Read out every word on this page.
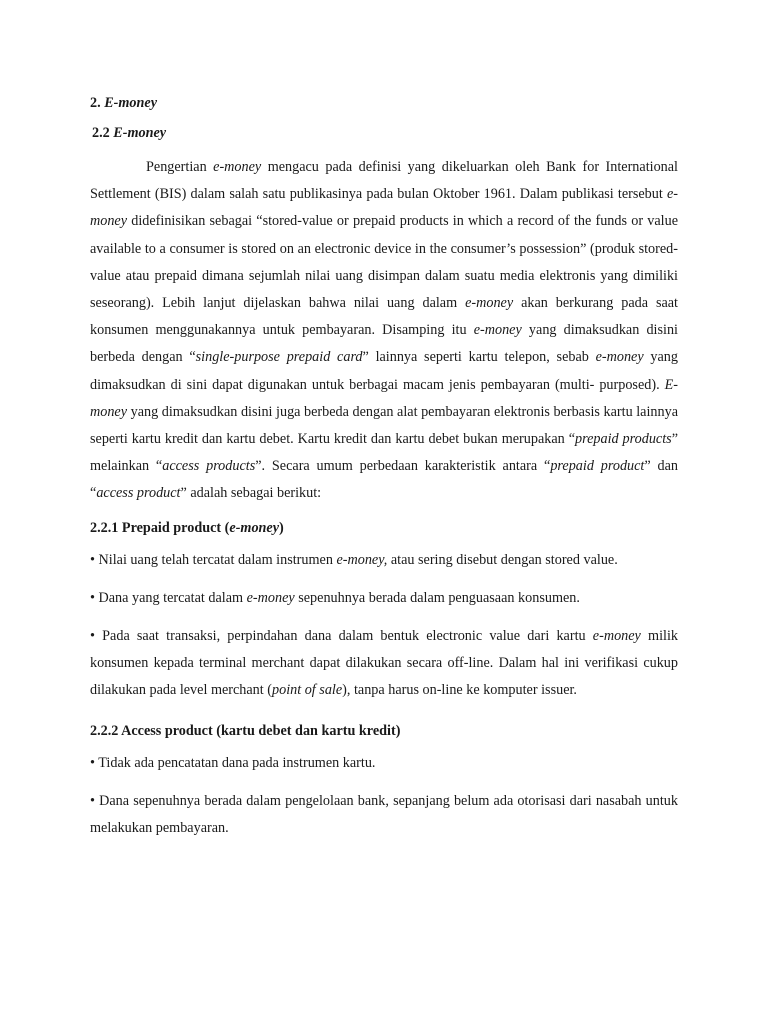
2. E-money
2.2 E-money

Pengertian e-money mengacu pada definisi yang dikeluarkan oleh Bank for International Settlement (BIS) dalam salah satu publikasinya pada bulan Oktober 1961. Dalam publikasi tersebut e-money didefinisikan sebagai “stored-value or prepaid products in which a record of the funds or value available to a consumer is stored on an electronic device in the consumer’s possession” (produk stored-value atau prepaid dimana sejumlah nilai uang disimpan dalam suatu media elektronis yang dimiliki seseorang). Lebih lanjut dijelaskan bahwa nilai uang dalam e-money akan berkurang pada saat konsumen menggunakannya untuk pembayaran. Disamping itu e-money yang dimaksudkan disini berbeda dengan “single-purpose prepaid card” lainnya seperti kartu telepon, sebab e-money yang dimaksudkan di sini dapat digunakan untuk berbagai macam jenis pembayaran (multi- purposed). E-money yang dimaksudkan disini juga berbeda dengan alat pembayaran elektronis berbasis kartu lainnya seperti kartu kredit dan kartu debet. Kartu kredit dan kartu debet bukan merupakan “prepaid products” melainkan “access products”. Secara umum perbedaan karakteristik antara “prepaid product” dan “access product” adalah sebagai berikut:

2.2.1 Prepaid product (e-money)

• Nilai uang telah tercatat dalam instrumen e-money, atau sering disebut dengan stored value.

• Dana yang tercatat dalam e-money sepenuhnya berada dalam penguasaan konsumen.

• Pada saat transaksi, perpindahan dana dalam bentuk electronic value dari kartu e-money milik konsumen kepada terminal merchant dapat dilakukan secara off-line. Dalam hal ini verifikasi cukup dilakukan pada level merchant (point of sale), tanpa harus on-line ke komputer issuer.

2.2.2 Access product (kartu debet dan kartu kredit)

• Tidak ada pencatatan dana pada instrumen kartu.

• Dana sepenuhnya berada dalam pengelolaan bank, sepanjang belum ada otorisasi dari nasabah untuk melakukan pembayaran.
